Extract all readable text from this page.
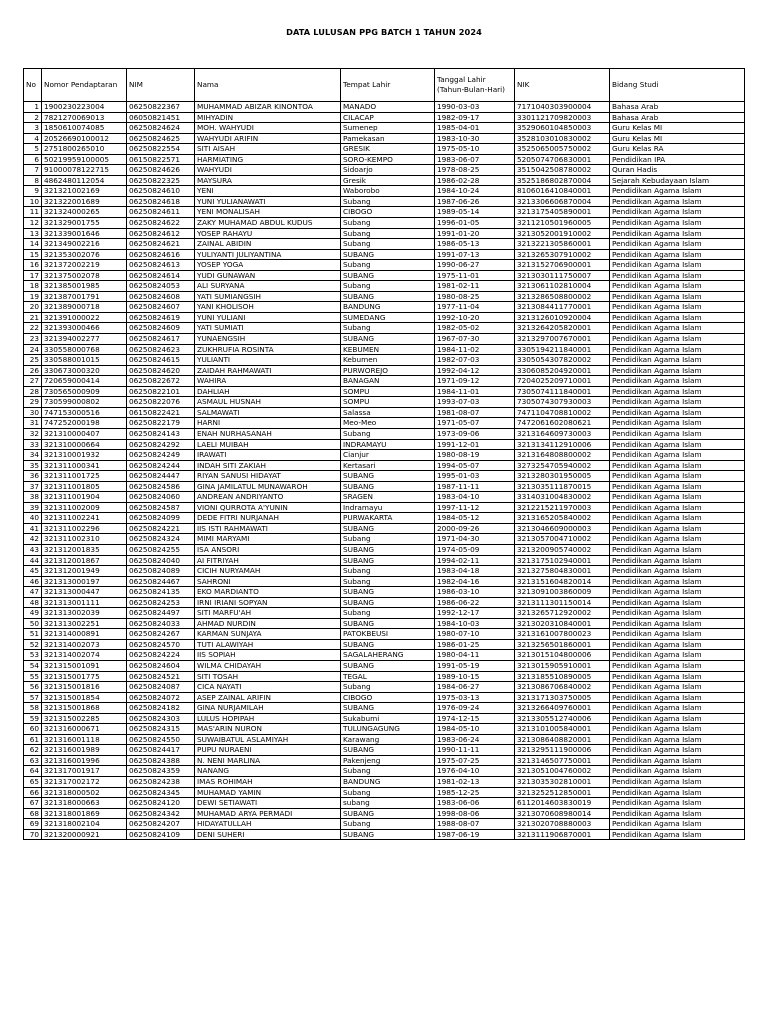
DATA LULUSAN PPG BATCH 1 TAHUN 2024
No	Nomor Pendaptaran	NIM	Nama	Tempat Lahir	Tanggal Lahir (Tahun-Bulan-Hari)	NIK	Bidang Studi
1	1900230223004	06250822367	MUHAMMAD ABIZAR KINONTOA	MANADO	1990-03-03	7171040303900004	Bahasa Arab
2	7821270069013	06050821451	MIHYADIN	CILACAP	1982-09-17	3301121709820003	Bahasa Arab
3	1850610074085	06250824624	MOH. WAHYUDI	Sumenep	1985-04-01	3529060104850003	Guru Kelas MI
4	20526690100012	06250824625	WAHYUDI ARIFIN	Pamekasan	1983-10-30	3528103010830002	Guru Kelas MI
5	2751800265010	06250822554	SITI AISAH	GRESIK	1975-05-10	3525065005750002	Guru Kelas RA
6	50219959100005	06150822571	HARMIATING	SORO-KEMPO	1983-06-07	5205074706830001	Pendidikan IPA
7	91000078122715	06250824626	WAHYUDI	Sidoarjo	1978-08-25	3515042508780002	Quran Hadis
8	4862480112054	06250822325	MAYSURA	Gresik	1986-02-28	3525186802870004	Sejarah Kebudayaan Islam
9	321321002169	06250824610	YENI	Waborobo	1984-10-24	8106016410840001	Pendidikan Agama Islam
10	321322001689	06250824618	YUNI YULIANAWATI	Subang	1987-06-26	3213306606870004	Pendidikan Agama Islam
11	321324000265	06250824611	YENI MONALISAH	CIBOGO	1989-05-14	3213175405890001	Pendidikan Agama Islam
12	321329001755	06250824622	ZAKY MUHAMAD ABDUL KUDUS	Subang	1996-01-05	3211210501960005	Pendidikan Agama Islam
13	321339001646	06250824612	YOSEP RAHAYU	Subang	1991-01-20	3213052001910002	Pendidikan Agama Islam
14	321349002216	06250824621	ZAINAL ABIDIN	Subang	1986-05-13	3213221305860001	Pendidikan Agama Islam
15	321353002076	06250824616	YULIYANTI JULIYANTINA	SUBANG	1991-07-13	3213265307910002	Pendidikan Agama Islam
16	321372002219	06250824613	YOSEP YOGA	Subang	1990-06-27	3213152706900001	Pendidikan Agama Islam
17	321375002078	06250824614	YUDI GUNAWAN	SUBANG	1975-11-01	3213030111750007	Pendidikan Agama Islam
18	321385001985	06250824053	ALI SURYANA	Subang	1981-02-11	3213061102810004	Pendidikan Agama Islam
19	321387001791	06250824608	YATI SUMIANGSIH	SUBANG	1980-08-25	3213286508800002	Pendidikan Agama Islam
20	321389000718	06250824607	YANI KHOLISOH	BANDUNG	1977-11-04	3213084411770001	Pendidikan Agama Islam
21	321391000022	06250824619	YUNI YULIANI	SUMEDANG	1992-10-20	3213126010920004	Pendidikan Agama Islam
22	321393000466	06250824609	YATI SUMIATI	Subang	1982-05-02	3213264205820001	Pendidikan Agama Islam
23	321394002277	06250824617	YUNAENGSIH	SUBANG	1967-07-30	3213297007670001	Pendidikan Agama Islam
24	330558000768	06250824623	ZUKHRUFIA ROSINTA	KEBUMEN	1984-11-02	3305194211840001	Pendidikan Agama Islam
25	330588001015	06250824615	YULIANTI	Kebumen	1982-07-03	3305054307820002	Pendidikan Agama Islam
26	330673000320	06250824620	ZAIDAH RAHMAWATI	PURWOREJO	1992-04-12	3306085204920001	Pendidikan Agama Islam
27	720659000414	06250822672	WAHIRA	BANAGAN	1971-09-12	7204025209710001	Pendidikan Agama Islam
28	730565000909	06250822101	DAHLIAH	SOMPU	1984-11-01	7305074111840001	Pendidikan Agama Islam
29	730599000802	06250822076	ASMAUL HUSNAH	SOMPU	1993-07-03	7305074307930003	Pendidikan Agama Islam
30	747153000516	06150822421	SALMAWATI	Salassa	1981-08-07	7471104708810002	Pendidikan Agama Islam
31	747252000198	06250822179	HARNI	Meo-Meo	1971-05-07	7472061602080621	Pendidikan Agama Islam
32	321310000407	06250824143	ENAH NURHASANAH	Subang	1973-09-06	3213164609730003	Pendidikan Agama Islam
33	321310000664	06250824292	LAELI MUIBAH	INDRAMAYU	1991-12-01	3213134112910006	Pendidikan Agama Islam
34	321310001932	06250824249	IRAWATI	Cianjur	1980-08-19	3213164808800002	Pendidikan Agama Islam
35	321311000341	06250824244	INDAH SITI ZAKIAH	Kertasari	1994-05-07	3273254705940002	Pendidikan Agama Islam
36	321311001725	06250824447	RIYAN SANUSI HIDAYAT	SUBANG	1995-01-03	3213280301950005	Pendidikan Agama Islam
37	321311001805	06250824586	GINA JAMILATUL MUNAWAROH	SUBANG	1987-11-11	3213035111870015	Pendidikan Agama Islam
38	321311001904	06250824060	ANDREAN ANDRIYANTO	SRAGEN	1983-04-10	3314031004830002	Pendidikan Agama Islam
39	321311002009	06250824587	VIONI QURROTA A'YUNIN	Indramayu	1997-11-12	3212215211970003	Pendidikan Agama Islam
40	321311002241	06250824099	DEDE FITRI NURJANAH	PURWAKARTA	1984-05-12	3213165205840002	Pendidikan Agama Islam
41	321311002296	06250824221	IIS ISTI RAHMAWATI	SUBANG	2000-09-26	3213046609000003	Pendidikan Agama Islam
42	321311002310	06250824324	MIMI MARYAMI	Subang	1971-04-30	3213057004710002	Pendidikan Agama Islam
43	321312001835	06250824255	ISA ANSORI	SUBANG	1974-05-09	3213200905740002	Pendidikan Agama Islam
44	321312001867	06250824040	AI FITRIYAH	SUBANG	1994-02-11	3213175102940001	Pendidikan Agama Islam
45	321312001949	06250824089	CICIH NURYAMAH	Subang	1983-04-18	3213275804830001	Pendidikan Agama Islam
46	321313000197	06250824467	SAHRONI	Subang	1982-04-16	3213151604820014	Pendidikan Agama Islam
47	321313000447	06250824135	EKO MARDIANTO	SUBANG	1986-03-10	3213091003860009	Pendidikan Agama Islam
48	321313001111	06250824253	IRNI IRIANI SOPYAN	SUBANG	1986-06-22	3213111301150014	Pendidikan Agama Islam
49	321313002039	06250824497	SITI MARFU'AH	Subang	1992-12-17	3213265712920002	Pendidikan Agama Islam
50	321313002251	06250824033	AHMAD NURDIN	SUBANG	1984-10-03	3213020310840001	Pendidikan Agama Islam
51	321314000891	06250824267	KARMAN SUNJAYA	PATOKBEUSI	1980-07-10	3213161007800023	Pendidikan Agama Islam
52	321314002073	06250824570	TUTI ALAWIYAH	SUBANG	1986-01-25	3213256501860001	Pendidikan Agama Islam
53	321314002074	06250824224	IIS SOPIAH	SAGALAHERANG	1980-04-11	3213015104800006	Pendidikan Agama Islam
54	321315001091	06250824604	WILMA CHIDAYAH	SUBANG	1991-05-19	3213015905910001	Pendidikan Agama Islam
55	321315001775	06250824521	SITI TOSAH	TEGAL	1989-10-15	3213185510890005	Pendidikan Agama Islam
56	321315001816	06250824087	CICA NAYATI	Subang	1984-06-27	3213086706840002	Pendidikan Agama Islam
57	321315001854	06250824072	ASEP ZAINAL ARIFIN	CIBOGO	1975-03-13	3213171303750005	Pendidikan Agama Islam
58	321315001868	06250824182	GINA NURJAMILAH	SUBANG	1976-09-24	3213266409760001	Pendidikan Agama Islam
59	321315002285	06250824303	LULUS HOPIPAH	Sukabumi	1974-12-15	3213305512740006	Pendidikan Agama Islam
60	321316000671	06250824315	MAS'ARIN NURON	TULUNGAGUNG	1984-05-10	3213101005840001	Pendidikan Agama Islam
61	321316001118	06250824550	SUWAIBATUL ASLAMIYAH	Karawang	1983-06-24	3213086408820001	Pendidikan Agama Islam
62	321316001989	06250824417	PUPU NURAENI	SUBANG	1990-11-11	3213295111900006	Pendidikan Agama Islam
63	321316001996	06250824388	N. NENI MARLINA	Pakenjeng	1975-07-25	3213146507750001	Pendidikan Agama Islam
64	321317001917	06250824359	NANANG	Subang	1976-04-10	3213051004760002	Pendidikan Agama Islam
65	321317002172	06250824238	IMAS ROHIMAH	BANDUNG	1981-02-13	3213035302810001	Pendidikan Agama Islam
66	321318000502	06250824345	MUHAMAD YAMIN	Subang	1985-12-25	3213252512850001	Pendidikan Agama Islam
67	321318000663	06250824120	DEWI SETIAWATI	subang	1983-06-06	6112014603830019	Pendidikan Agama Islam
68	321318001869	06250824342	MUHAMAD ARYA PERMADI	SUBANG	1998-08-06	3213070608980014	Pendidikan Agama Islam
69	321318002104	06250824207	HIDAYATULLAH	Subang	1988-08-07	3213020708880003	Pendidikan Agama Islam
70	321320000921	06250824109	DENI SUHERI	SUBANG	1987-06-19	3213111906870001	Pendidikan Agama Islam
